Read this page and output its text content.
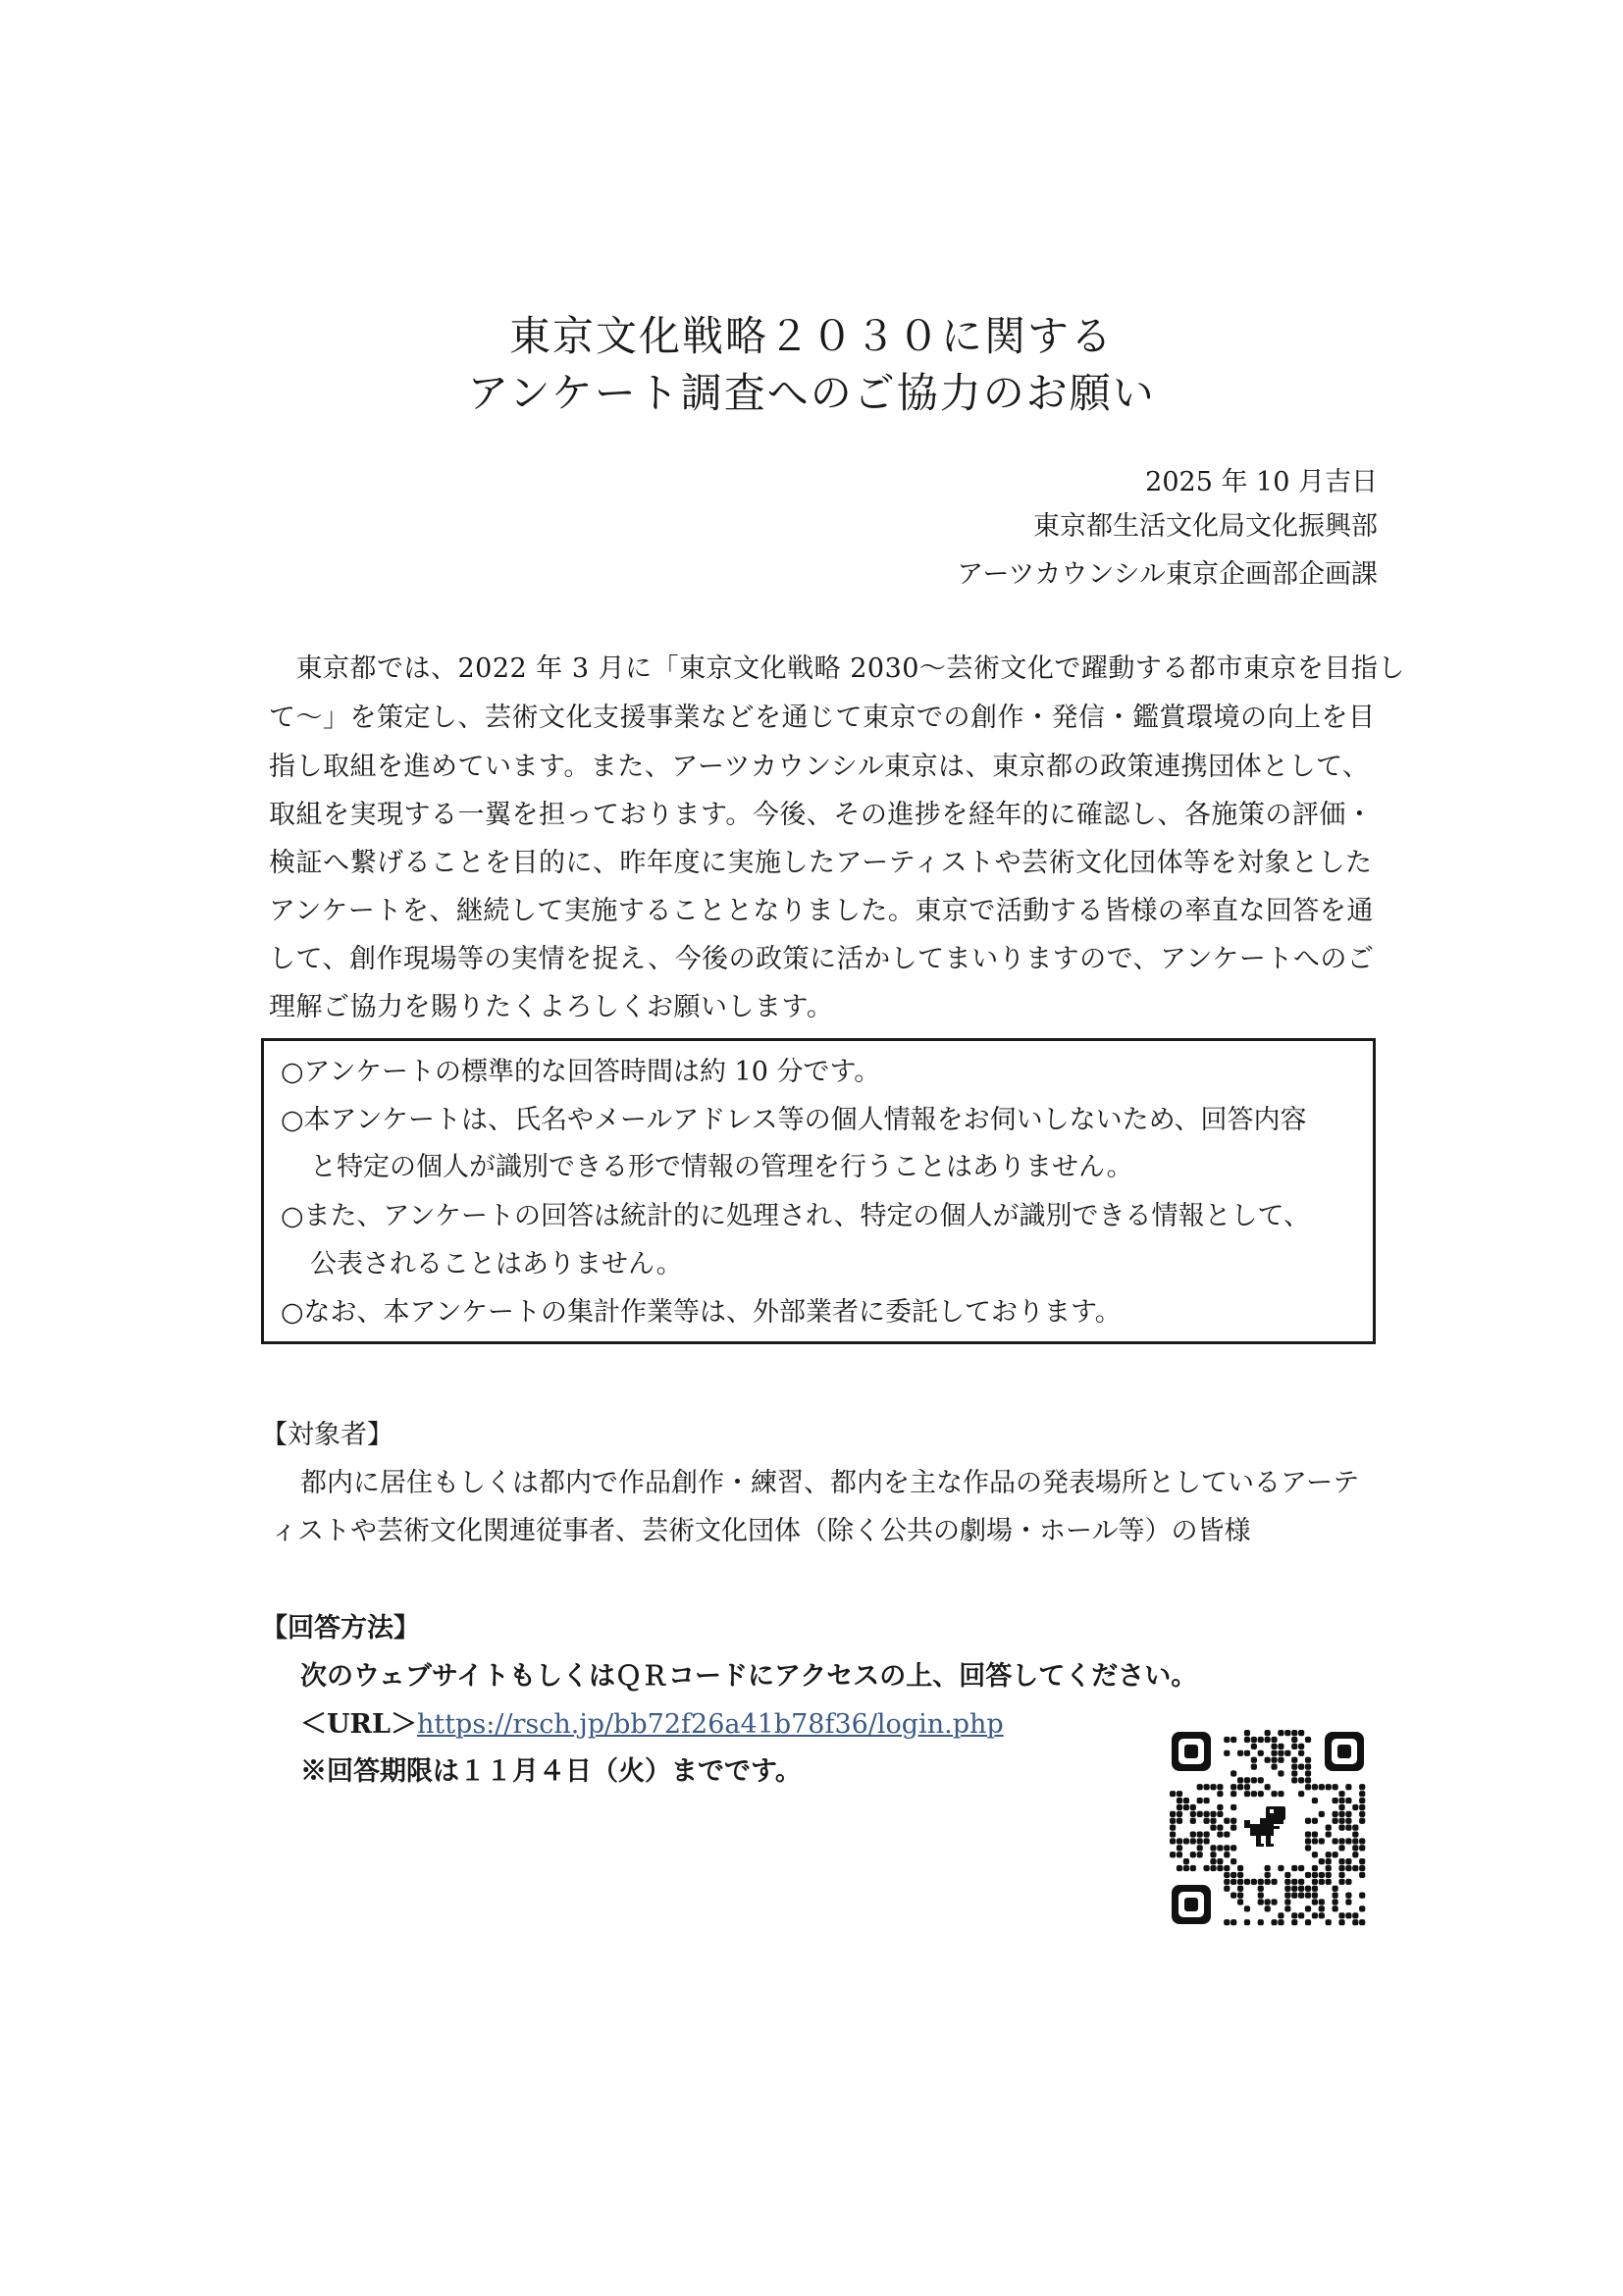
東京文化戦略２０３０に関する
アンケート調査へのご協力のお願い
2025 年 10 月吉日
東京都生活文化局文化振興部
アーツカウンシル東京企画部企画課
　東京都では、2022 年 3 月に「東京文化戦略 2030～芸術文化で躍動する都市東京を目指し
て～」を策定し、芸術文化支援事業などを通じて東京での創作・発信・鑑賞環境の向上を目
指し取組を進めています。また、アーツカウンシル東京は、東京都の政策連携団体として、
取組を実現する一翼を担っております。今後、その進捗を経年的に確認し、各施策の評価・
検証へ繋げることを目的に、昨年度に実施したアーティストや芸術文化団体等を対象とした
アンケートを、継続して実施することとなりました。東京で活動する皆様の率直な回答を通
して、創作現場等の実情を捉え、今後の政策に活かしてまいりますので、アンケートへのご
理解ご協力を賜りたくよろしくお願いします。
○アンケートの標準的な回答時間は約 10 分です。
○本アンケートは、氏名やメールアドレス等の個人情報をお伺いしないため、回答内容
と特定の個人が識別できる形で情報の管理を行うことはありません。
○また、アンケートの回答は統計的に処理され、特定の個人が識別できる情報として、
公表されることはありません。
○なお、本アンケートの集計作業等は、外部業者に委託しております。
【対象者】
都内に居住もしくは都内で作品創作・練習、都内を主な作品の発表場所としているアーテ
ィストや芸術文化関連従事者、芸術文化団体（除く公共の劇場・ホール等）の皆様
【回答方法】
次のウェブサイトもしくはＱＲコードにアクセスの上、回答してください。
＜URL＞https://rsch.jp/bb72f26a41b78f36/login.php
※回答期限は１１月４日（火）までです。
